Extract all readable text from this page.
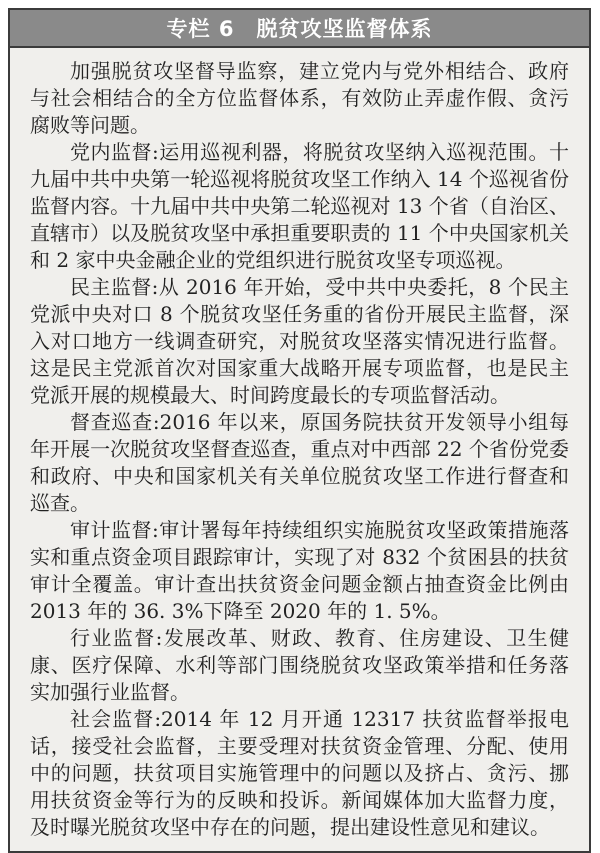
专栏 6　脱贫攻坚监督体系

加强脱贫攻坚督导监察，建立党内与党外相结合、政府与社会相结合的全方位监督体系，有效防止弄虚作假、贪污腐败等问题。

党内监督:运用巡视利器，将脱贫攻坚纳入巡视范围。十九届中共中央第一轮巡视将脱贫攻坚工作纳入 14 个巡视省份监督内容。十九届中共中央第二轮巡视对 13 个省（自治区、直辖市）以及脱贫攻坚中承担重要职责的 11 个中央国家机关和 2 家中央金融企业的党组织进行脱贫攻坚专项巡视。

民主监督:从 2016 年开始，受中共中央委托，8 个民主党派中央对口 8 个脱贫攻坚任务重的省份开展民主监督，深入对口地方一线调查研究，对脱贫攻坚落实情况进行监督。这是民主党派首次对国家重大战略开展专项监督，也是民主党派开展的规模最大、时间跨度最长的专项监督活动。

督查巡查:2016 年以来，原国务院扶贫开发领导小组每年开展一次脱贫攻坚督查巡查，重点对中西部 22 个省份党委和政府、中央和国家机关有关单位脱贫攻坚工作进行督查和巡查。

审计监督:审计署每年持续组织实施脱贫攻坚政策措施落实和重点资金项目跟踪审计，实现了对 832 个贫困县的扶贫审计全覆盖。审计查出扶贫资金问题金额占抽查资金比例由 2013 年的 36. 3%下降至 2020 年的 1. 5%。

行业监督:发展改革、财政、教育、住房建设、卫生健康、医疗保障、水利等部门围绕脱贫攻坚政策举措和任务落实加强行业监督。

社会监督:2014 年 12 月开通 12317 扶贫监督举报电话，接受社会监督，主要受理对扶贫资金管理、分配、使用中的问题，扶贫项目实施管理中的问题以及挤占、贪污、挪用扶贫资金等行为的反映和投诉。新闻媒体加大监督力度，及时曝光脱贫攻坚中存在的问题，提出建设性意见和建议。
